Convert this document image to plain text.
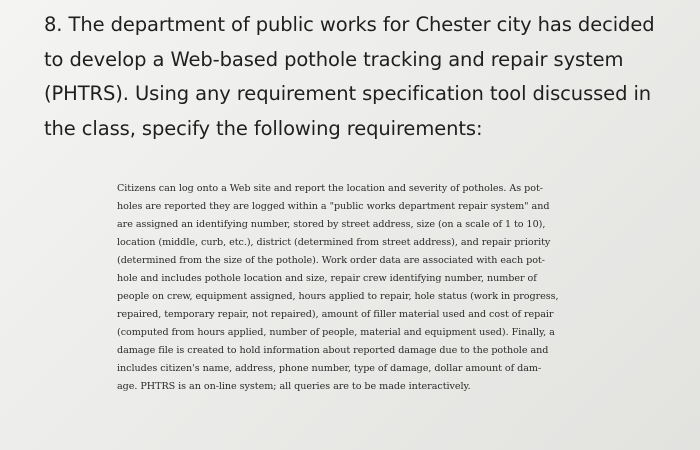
8. The department of public works for Chester city has decided
to develop a Web-based pothole tracking and repair system
(PHTRS). Using any requirement specification tool discussed in
the class, specify the following requirements:

Citizens can log onto a Web site and report the location and severity of potholes. As pot-
holes are reported they are logged within a "public works department repair system" and
are assigned an identifying number, stored by street address, size (on a scale of 1 to 10),
location (middle, curb, etc.), district (determined from street address), and repair priority
(determined from the size of the pothole). Work order data are associated with each pot-
hole and includes pothole location and size, repair crew identifying number, number of
people on crew, equipment assigned, hours applied to repair, hole status (work in progress,
repaired, temporary repair, not repaired), amount of filler material used and cost of repair
(computed from hours applied, number of people, material and equipment used). Finally, a
damage file is created to hold information about reported damage due to the pothole and
includes citizen's name, address, phone number, type of damage, dollar amount of dam-
age. PHTRS is an on-line system; all queries are to be made interactively.
